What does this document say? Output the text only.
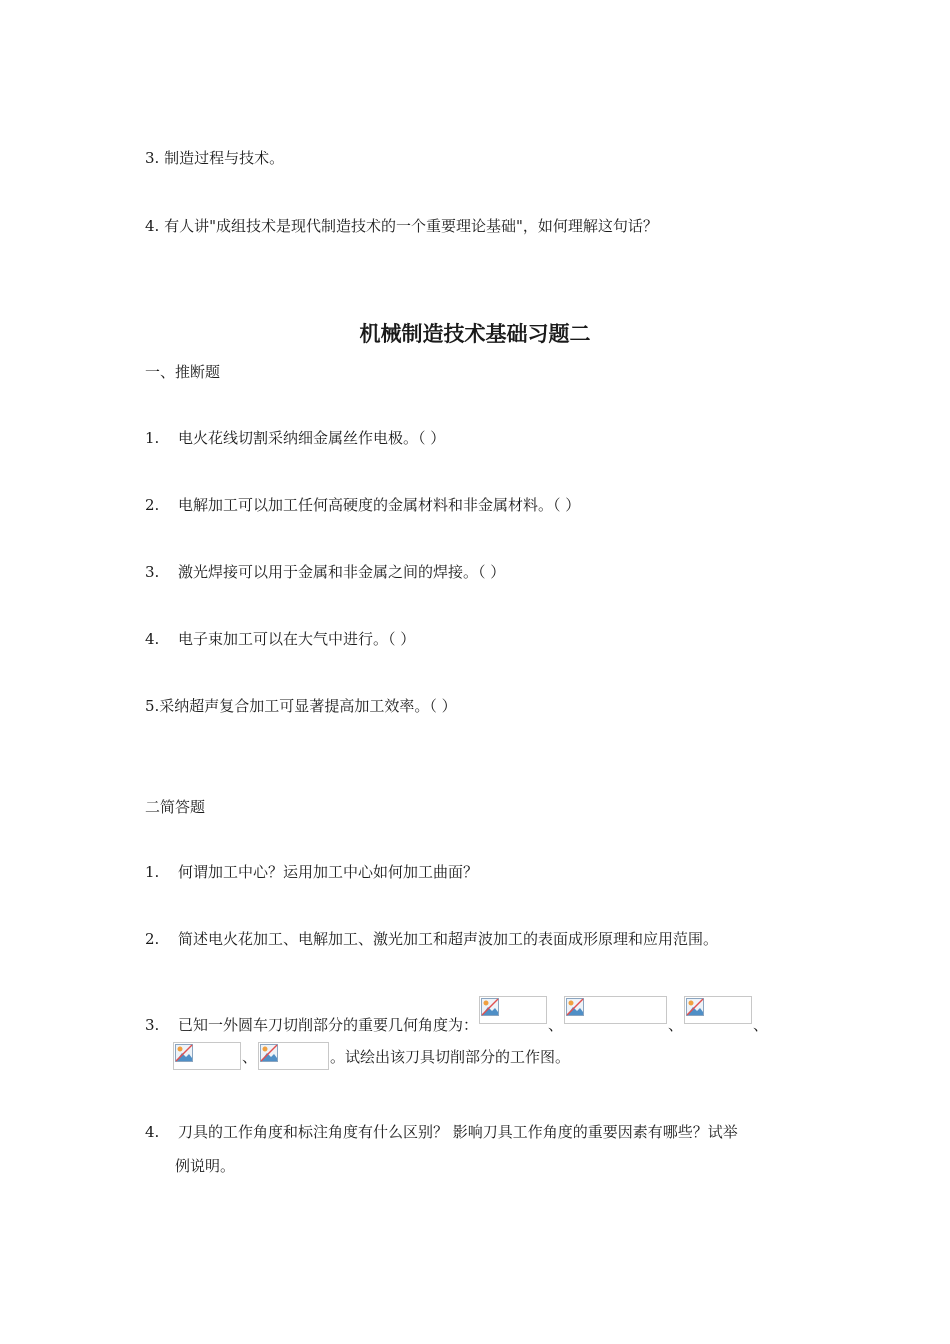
3. 制造过程与技术。
4. 有人讲"成组技术是现代制造技术的一个重要理论基础"，如何理解这句话？
机械制造技术基础习题二
一、推断题
1. 电火花线切割采纳细金属丝作电极。（ ）
2. 电解加工可以加工任何高硬度的金属材料和非金属材料。（ ）
3. 激光焊接可以用于金属和非金属之间的焊接。（ ）
4. 电子束加工可以在大气中进行。（ ）
5.采纳超声复合加工可显著提高加工效率。（ ）
二简答题
1. 何谓加工中心？运用加工中心如何加工曲面？
2. 简述电火花加工、电解加工、激光加工和超声波加工的表面成形原理和应用范围。
3. 已知一外圆车刀切削部分的重要几何角度为：	、	、	、
、	。试绘出该刀具切削部分的工作图。
4. 刀具的工作角度和标注角度有什么区别？ 影响刀具工作角度的重要因素有哪些？试举
例说明。
